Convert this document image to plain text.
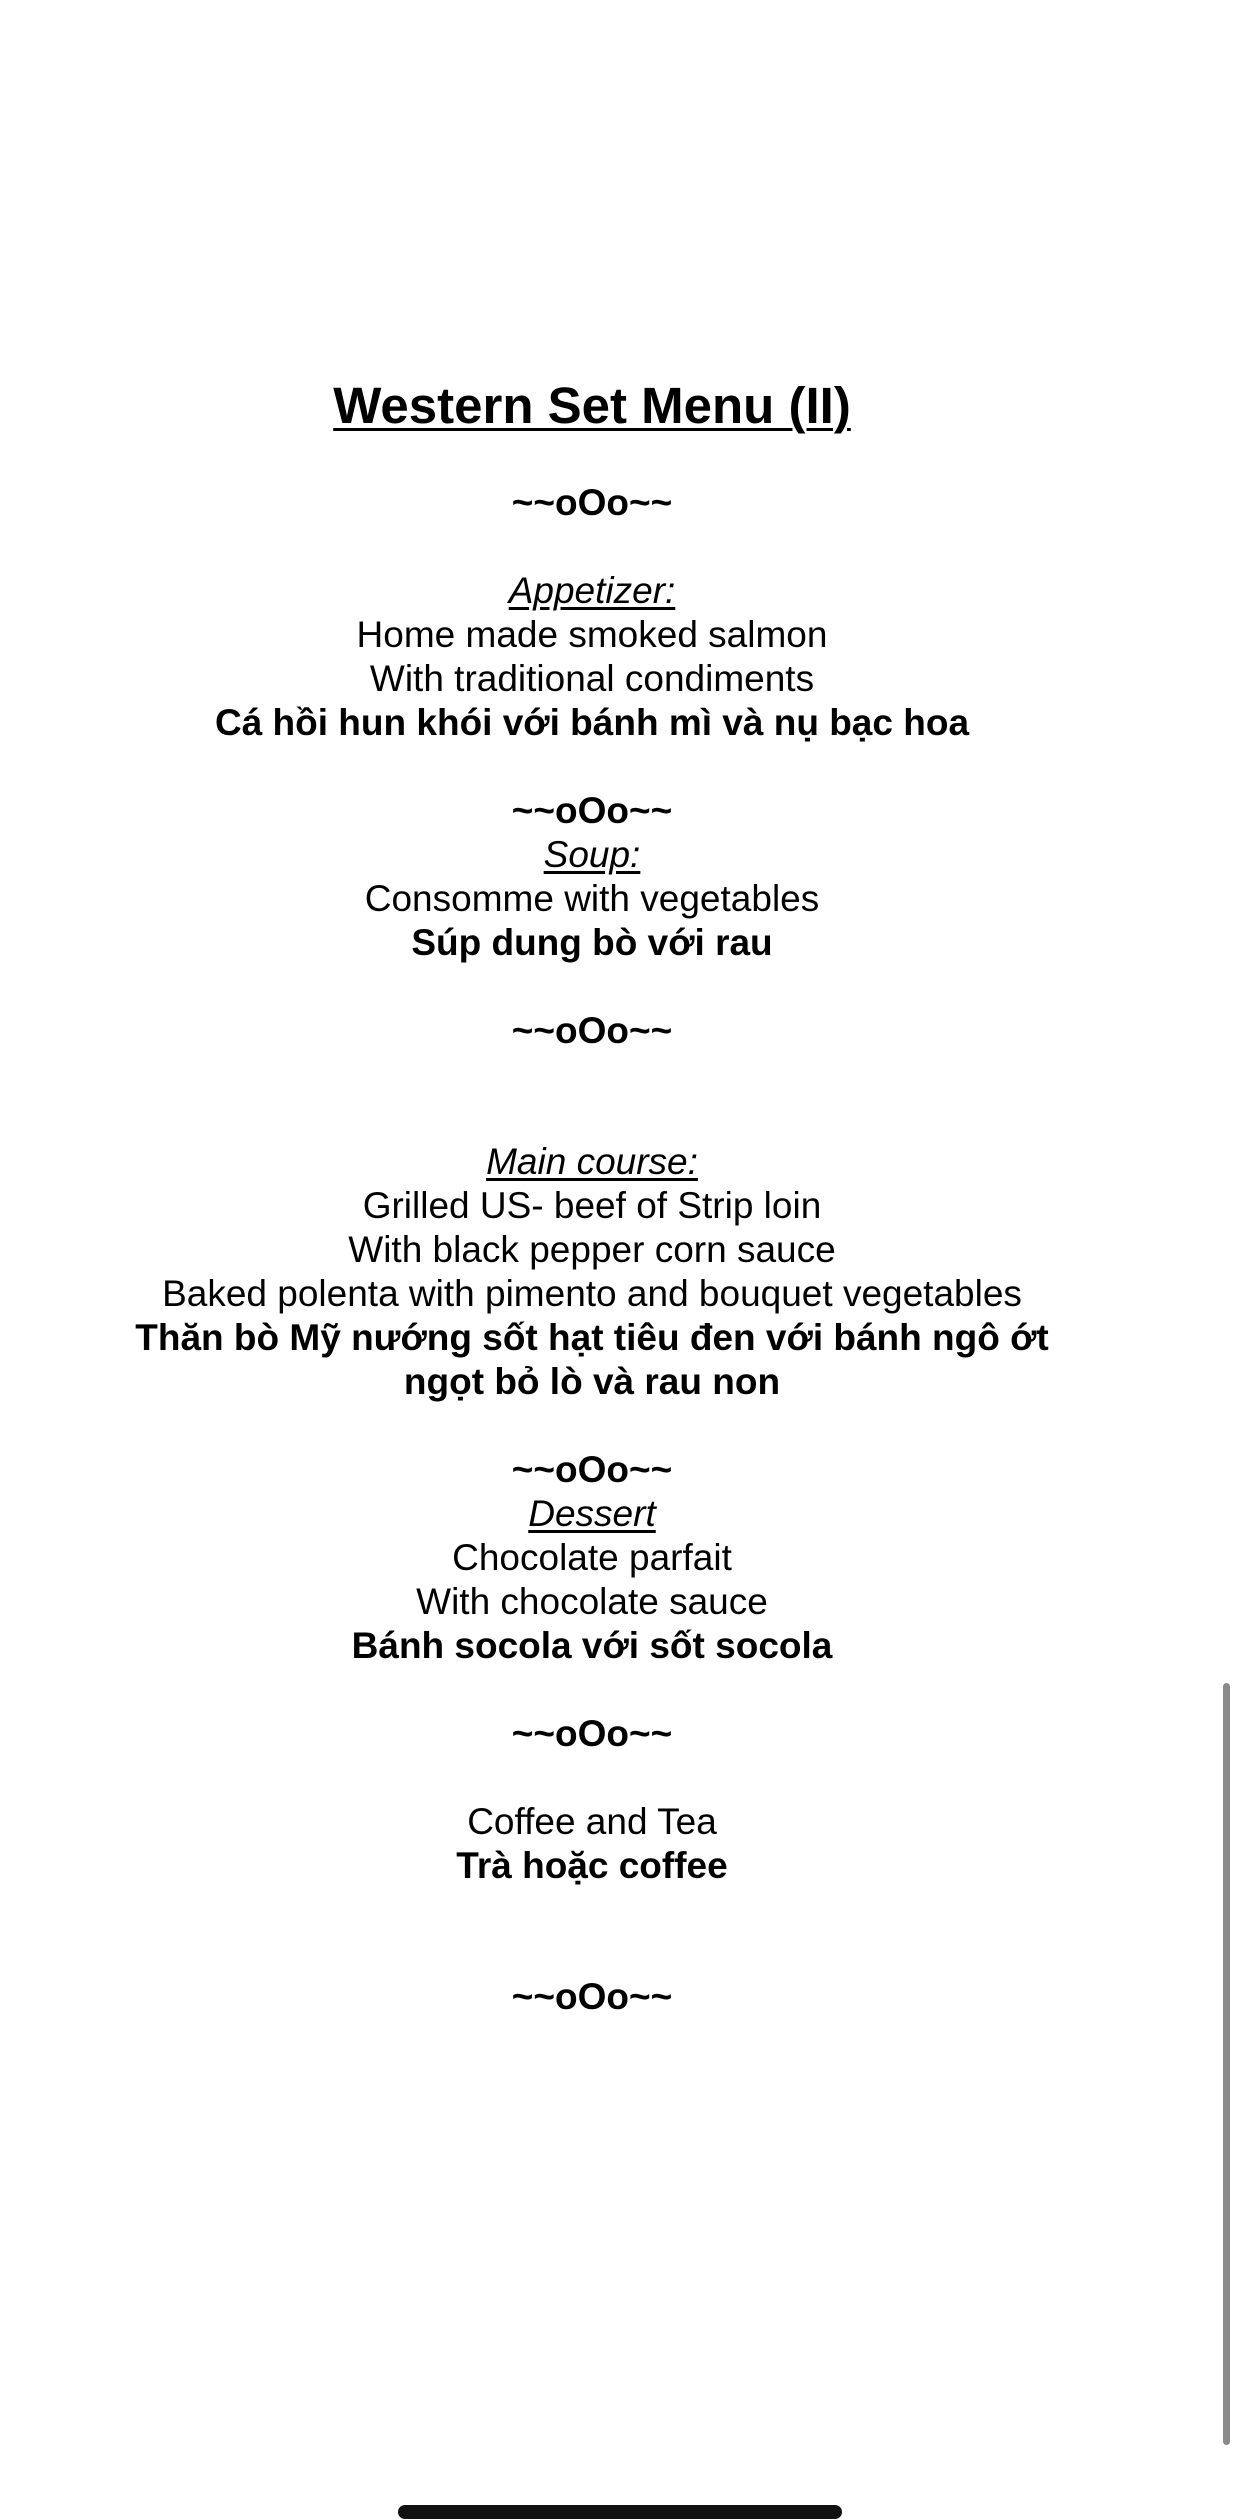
Western Set Menu (II)
~~oOo~~
Appetizer:
Home made smoked salmon
With traditional condiments
Cá hồi hun khói với bánh mì và nụ bạc hoa
~~oOo~~
Soup:
Consomme with vegetables
Súp dung bò với rau
~~oOo~~
Main course:
Grilled US- beef of Strip loin
With black pepper corn sauce
Baked polenta with pimento and bouquet vegetables
Thăn bò Mỹ nướng sốt hạt tiêu đen với bánh ngô ớt
ngọt bỏ lò và rau non
~~oOo~~
Dessert
Chocolate parfait
With chocolate sauce
Bánh socola với sốt socola
~~oOo~~
Coffee and Tea
Trà hoặc coffee
~~oOo~~
